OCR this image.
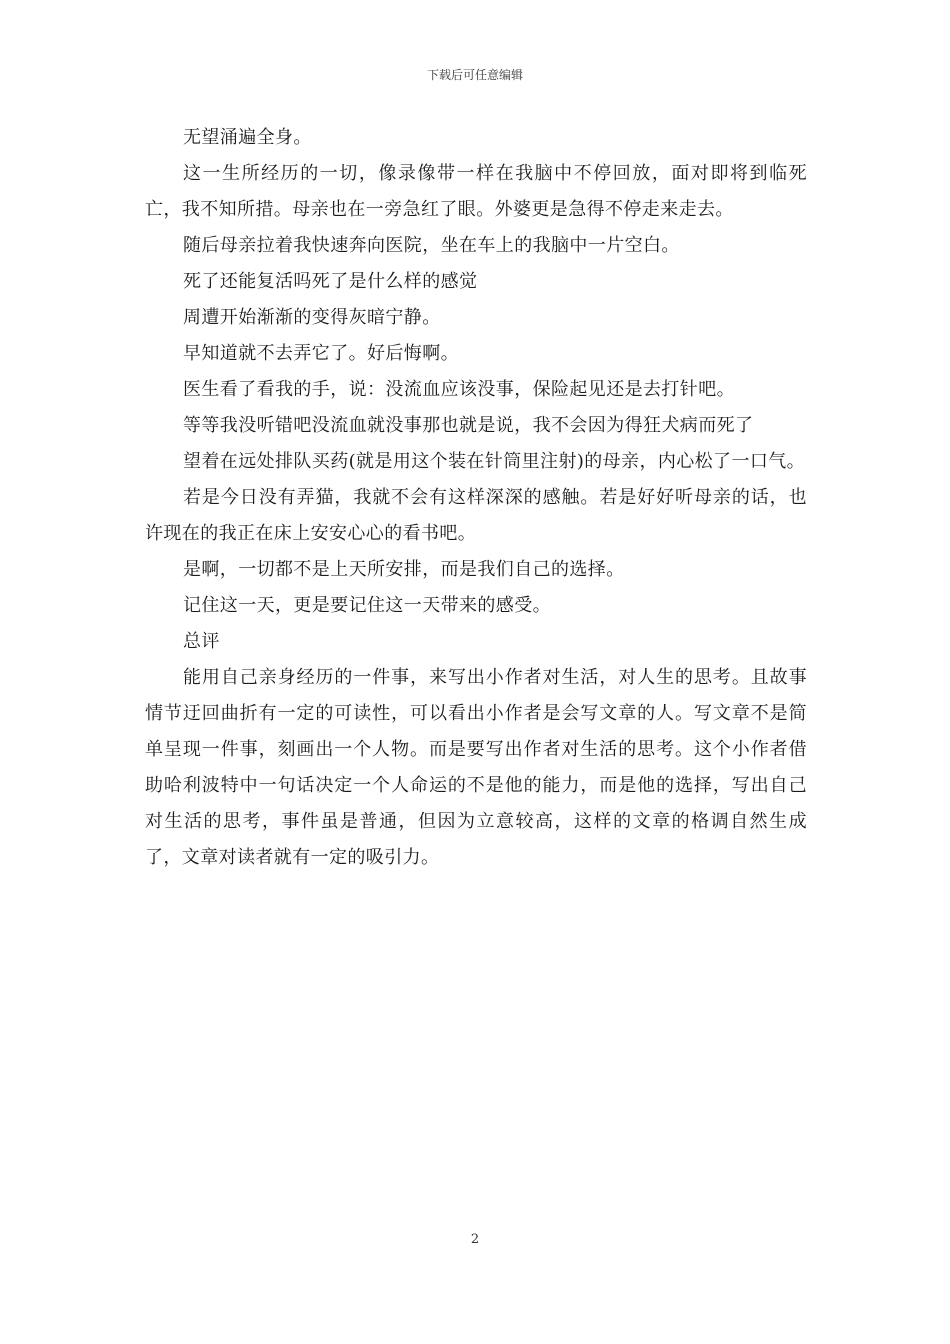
下载后可任意编辑

无望涌遍全身。

这一生所经历的一切，像录像带一样在我脑中不停回放，面对即将到临死亡，我不知所措。母亲也在一旁急红了眼。外婆更是急得不停走来走去。

随后母亲拉着我快速奔向医院，坐在车上的我脑中一片空白。

死了还能复活吗死了是什么样的感觉

周遭开始渐渐的变得灰暗宁静。

早知道就不去弄它了。好后悔啊。

医生看了看我的手，说：没流血应该没事，保险起见还是去打针吧。

等等我没听错吧没流血就没事那也就是说，我不会因为得狂犬病而死了

望着在远处排队买药(就是用这个装在针筒里注射)的母亲，内心松了一口气。

若是今日没有弄猫，我就不会有这样深深的感触。若是好好听母亲的话，也许现在的我正在床上安安心心的看书吧。

是啊，一切都不是上天所安排，而是我们自己的选择。

记住这一天，更是要记住这一天带来的感受。

总评

能用自己亲身经历的一件事，来写出小作者对生活，对人生的思考。且故事情节迂回曲折有一定的可读性，可以看出小作者是会写文章的人。写文章不是简单呈现一件事，刻画出一个人物。而是要写出作者对生活的思考。这个小作者借助哈利波特中一句话决定一个人命运的不是他的能力，而是他的选择，写出自己对生活的思考，事件虽是普通，但因为立意较高，这样的文章的格调自然生成了，文章对读者就有一定的吸引力。

2
